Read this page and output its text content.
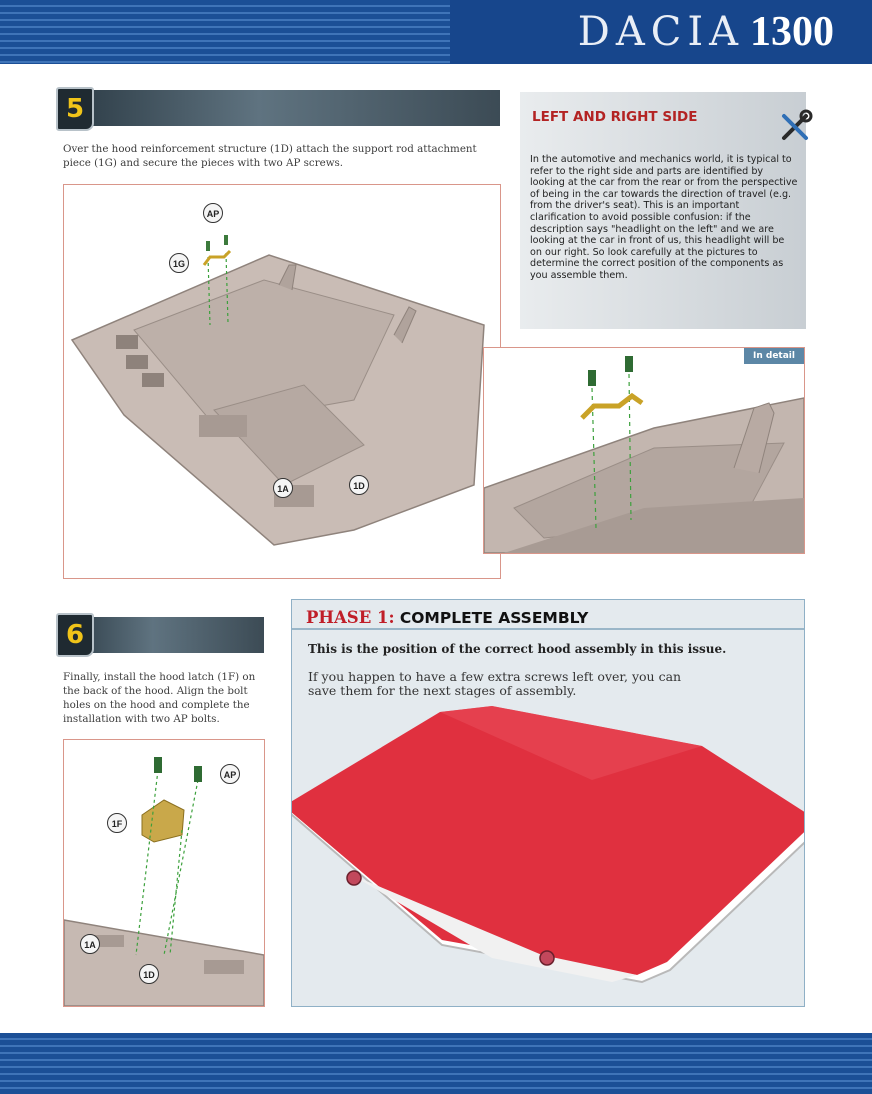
DACIA 1300
5
Over the hood reinforcement structure (1D) attach the support rod attachment piece (1G) and secure the pieces with two AP screws.
AP
1G
1A	1D
LEFT AND RIGHT SIDE
In the automotive and mechanics world, it is typical to refer to the right side and parts are identified by looking at the car from the rear or from the perspective of being in the car towards the direction of travel (e.g. from the driver's seat). This is an important clarification to avoid possible confusion: if the description says "headlight on the left" and we are looking at the car in front of us, this headlight will be on our right. So look carefully at the pictures to determine the correct position of the components as you assemble them.
In detail
6
Finally, install the hood latch (1F) on the back of the hood. Align the bolt holes on the hood and complete the installation with two AP bolts.
AP
1F
1A
1D
PHASE 1: COMPLETE ASSEMBLY
This is the position of the correct hood assembly in this issue.
If you happen to have a few extra screws left over, you can save them for the next stages of assembly.
